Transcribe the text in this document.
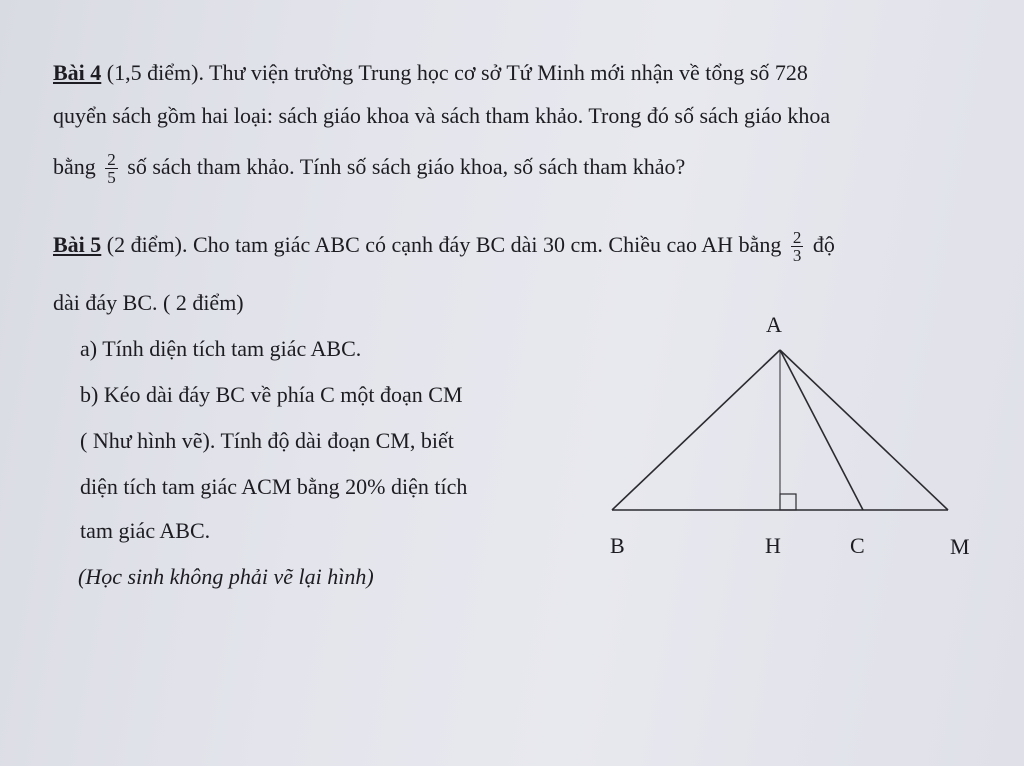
Bài 4 (1,5 điểm). Thư viện trường Trung học cơ sở Tứ Minh mới nhận về tổng số 728
quyển sách gồm hai loại: sách giáo khoa và sách tham khảo. Trong đó số sách giáo khoa
bằng $\frac{2}{5}$ số sách tham khảo. Tính số sách giáo khoa, số sách tham khảo?
Bài 5 (2 điểm). Cho tam giác ABC có cạnh đáy BC dài 30 cm. Chiều cao AH bằng $\frac{2}{3}$ độ
dài đáy BC. ( 2 điểm)
a) Tính diện tích tam giác ABC.
b) Kéo dài đáy BC về phía C một đoạn CM
( Như hình vẽ). Tính độ dài đoạn CM, biết
diện tích tam giác ACM bằng 20% diện tích
tam giác ABC.
(Học sinh không phải vẽ lại hình)
A
B	H	C	M
